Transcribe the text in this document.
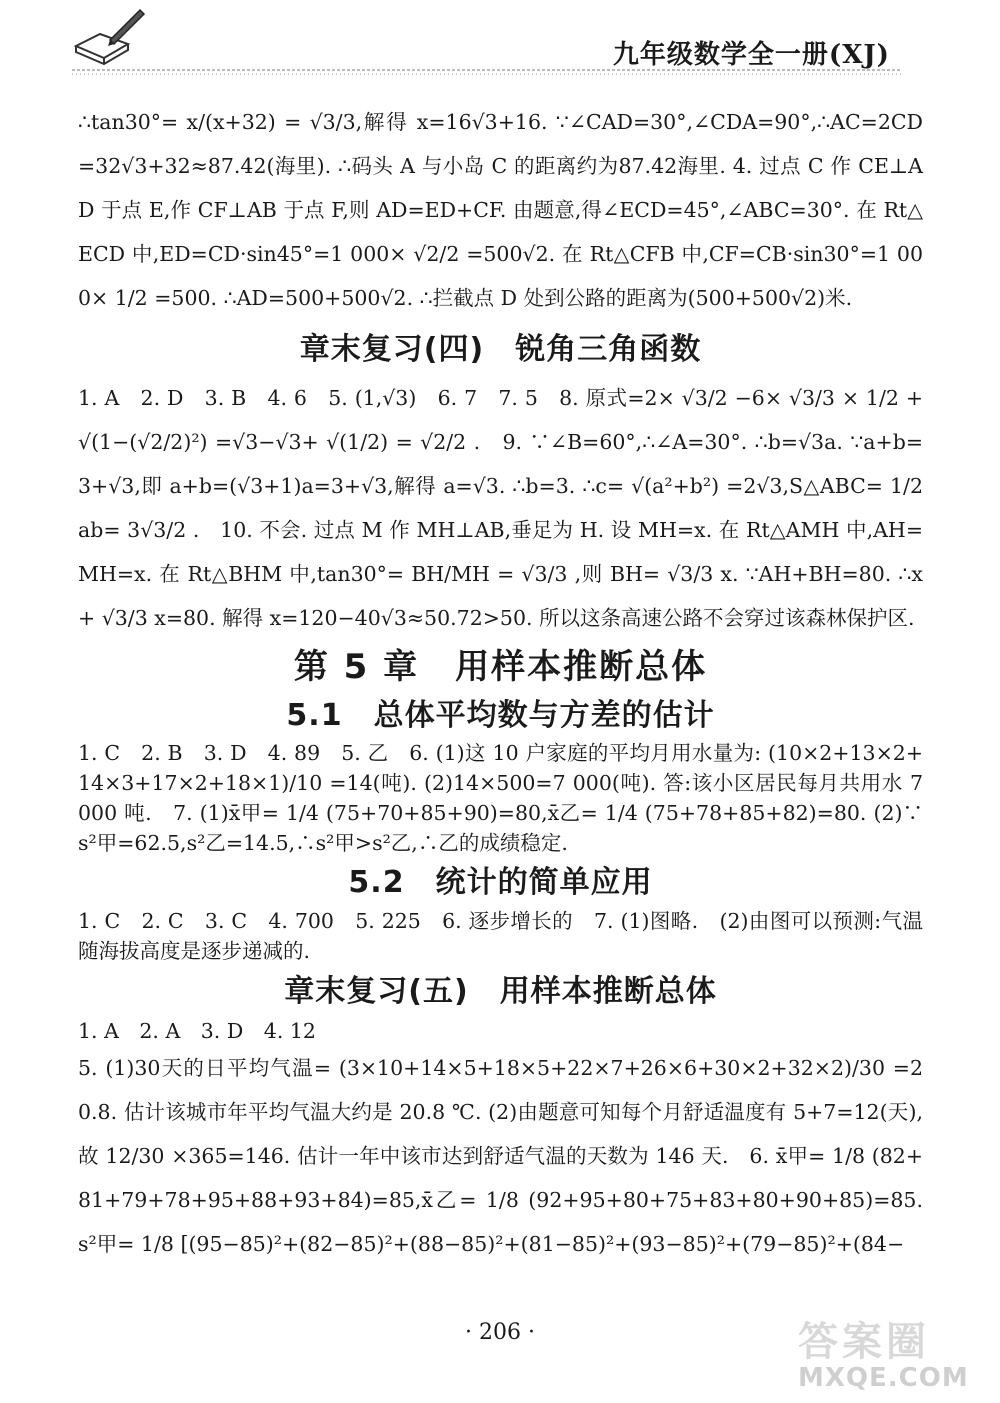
九年级数学全一册(XJ)

∴tan30°= x/(x+32) = √3/3,解得 x=16√3+16. ∵∠CAD=30°,∠CDA=90°,∴AC=2CD=32√3+32≈87.42(海里). ∴码头 A 与小岛 C 的距离约为87.42海里. 4. 过点 C 作 CE⊥AD 于点 E,作 CF⊥AB 于点 F,则 AD=ED+CF. 由题意,得∠ECD=45°,∠ABC=30°. 在 Rt△ECD 中,ED=CD·sin45°=1 000× √2/2 =500√2. 在 Rt△CFB 中,CF=CB·sin30°=1 000× 1/2 =500. ∴AD=500+500√2. ∴拦截点 D 处到公路的距离为(500+500√2)米.

章末复习(四)　锐角三角函数

1. A　2. D　3. B　4. 6　5. (1,√3)　6. 7　7. 5　8. 原式=2× √3/2 −6× √3/3 × 1/2 + √(1−(√2/2)²) =√3−√3+ √(1/2) = √2/2 .　9. ∵∠B=60°,∴∠A=30°. ∴b=√3a. ∵a+b=3+√3,即 a+b=(√3+1)a=3+√3,解得 a=√3. ∴b=3. ∴c= √(a²+b²) =2√3,S△ABC= 1/2 ab= 3√3/2 .　10. 不会. 过点 M 作 MH⊥AB,垂足为 H. 设 MH=x. 在 Rt△AMH 中,AH=MH=x. 在 Rt△BHM 中,tan30°= BH/MH = √3/3 ,则 BH= √3/3 x. ∵AH+BH=80. ∴x+ √3/3 x=80. 解得 x=120−40√3≈50.72>50. 所以这条高速公路不会穿过该森林保护区.

第 5 章　用样本推断总体
5.1　总体平均数与方差的估计

1. C　2. B　3. D　4. 89　5. 乙　6. (1)这 10 户家庭的平均月用水量为: (10×2+13×2+14×3+17×2+18×1)/10 =14(吨). (2)14×500=7 000(吨). 答:该小区居民每月共用水 7 000 吨.　7. (1)x̄甲= 1/4 (75+70+85+90)=80,x̄乙= 1/4 (75+78+85+82)=80. (2)∵s²甲=62.5,s²乙=14.5,∴s²甲>s²乙,∴乙的成绩稳定.

5.2　统计的简单应用

1. C　2. C　3. C　4. 700　5. 225　6. 逐步增长的　7. (1)图略.　(2)由图可以预测:气温随海拔高度是逐步递减的.

章末复习(五)　用样本推断总体

1. A　2. A　3. D　4. 12

5. (1)30天的日平均气温= (3×10+14×5+18×5+22×7+26×6+30×2+32×2)/30 =20.8. 估计该城市年平均气温大约是 20.8 ℃. (2)由题意可知每个月舒适温度有 5+7=12(天),故 12/30 ×365=146. 估计一年中该市达到舒适气温的天数为 146 天.　6. x̄甲= 1/8 (82+81+79+78+95+88+93+84)=85,x̄乙= 1/8 (92+95+80+75+83+80+90+85)=85. s²甲= 1/8 [(95−85)²+(82−85)²+(88−85)²+(81−85)²+(93−85)²+(79−85)²+(84−

· 206 ·	答案圈
MXQE.COM
